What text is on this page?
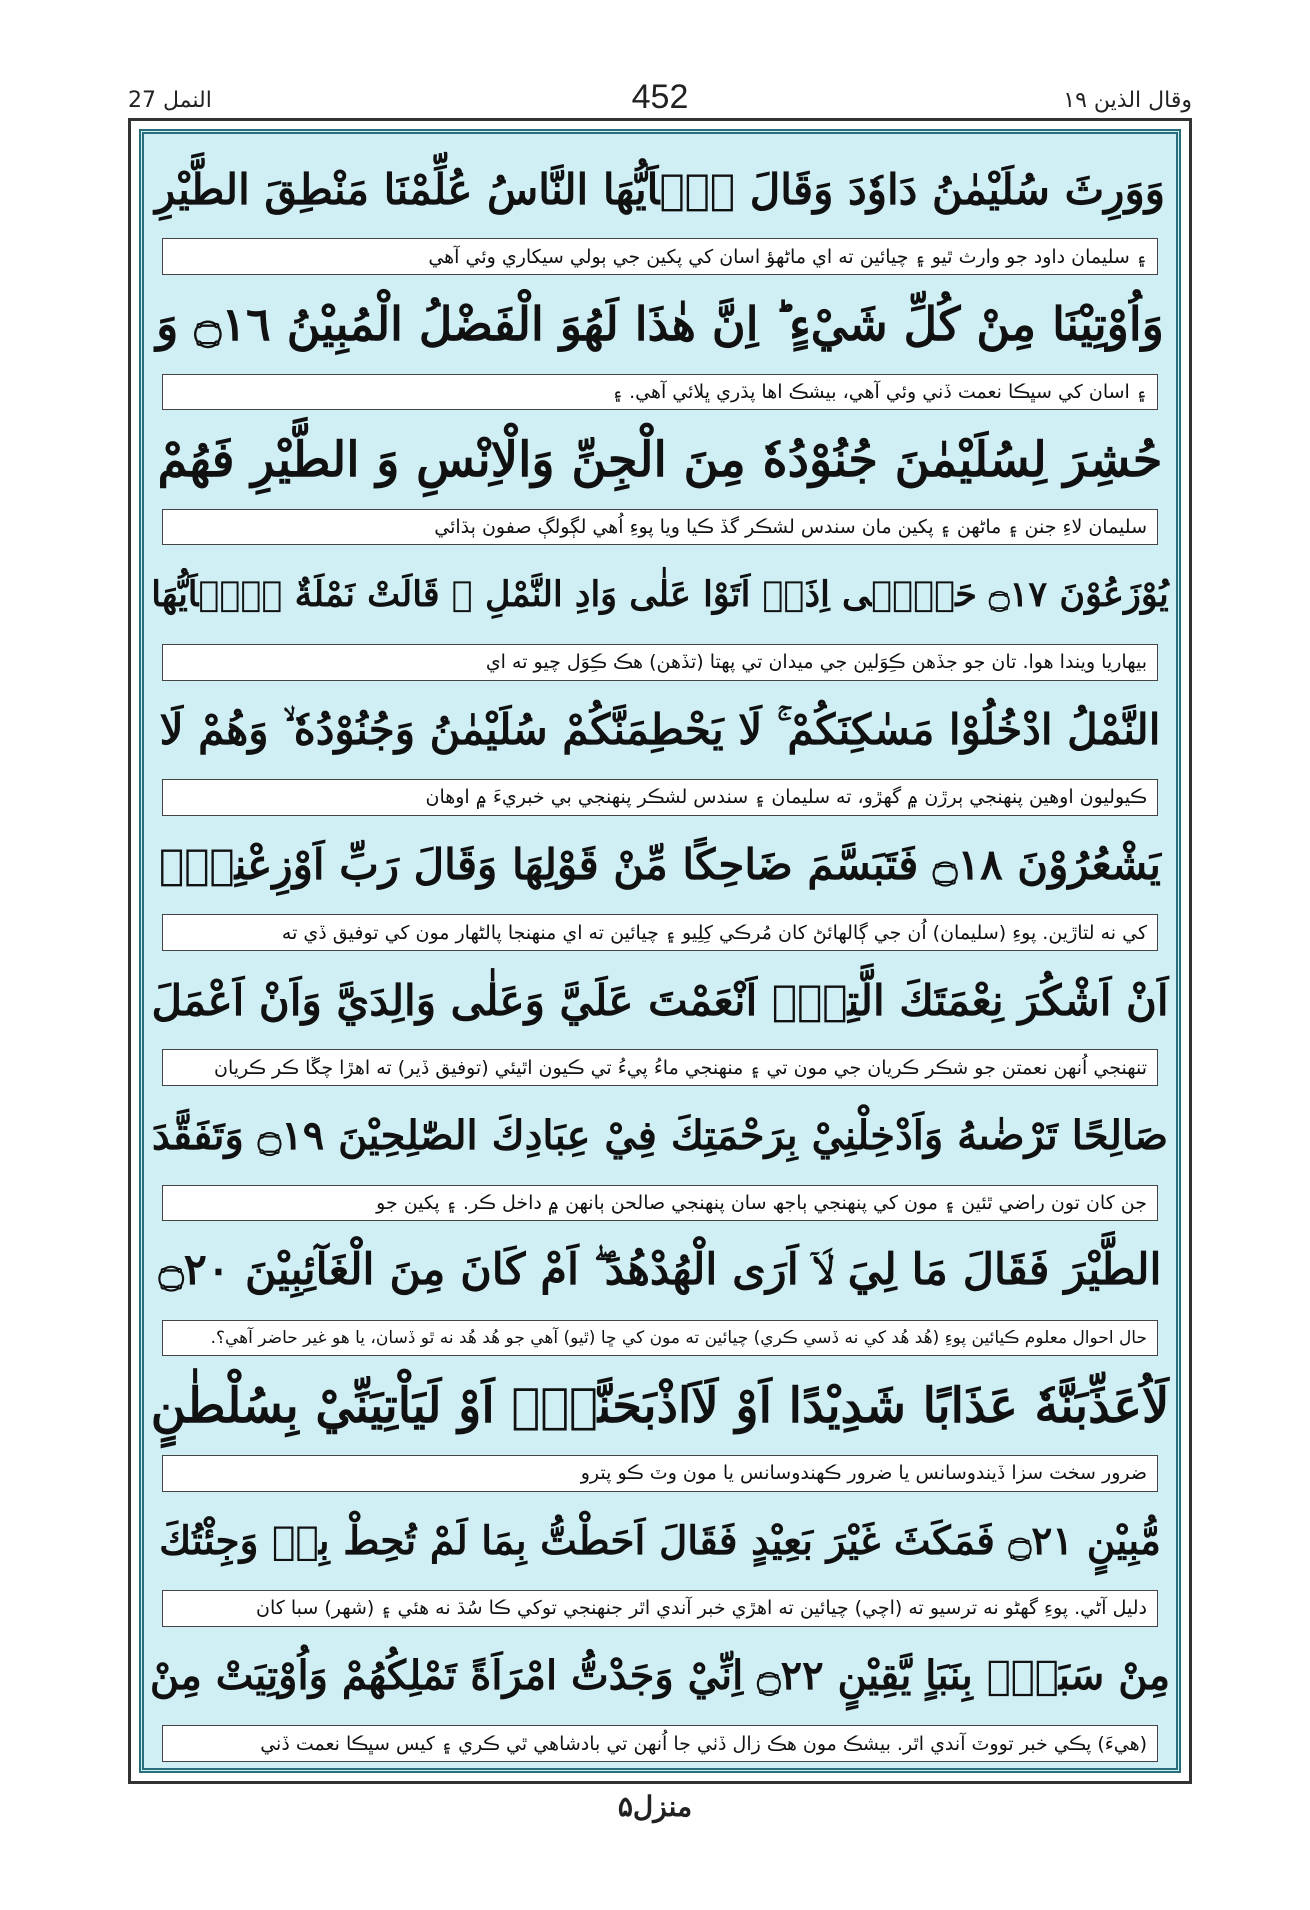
النمل 27	452	وقال الذين ١٩
وَوَرِثَ سُلَيْمٰنُ دَاوٗدَ وَقَالَ يٰۤاَيُّهَا النَّاسُ عُلِّمْنَا مَنْطِقَ الطَّيْرِ
۽ سليمان داود جو وارث ٿيو ۽ چيائين ته اي ماڻهؤ اسان کي پکين جي ٻولي سيکاري وئي آهي
وَاُوْتِيْنَا مِنْ كُلِّ شَيْءٍ ؕ اِنَّ هٰذَا لَهُوَ الْفَضْلُ الْمُبِيْنُ ۝١٦ وَ
۽ اسان کي سڀڪا نعمت ڏني وئي آهي، بيشڪ اها پڌري ڀلائي آهي. ۽
حُشِرَ لِسُلَيْمٰنَ جُنُوْدُهٗ مِنَ الْجِنِّ وَالْاِنْسِ وَ الطَّيْرِ فَهُمْ
سليمان لاءِ جنن ۽ ماڻهن ۽ پکين مان سندس لشڪر گڏ ڪيا ويا پوءِ اُهي لڳولڳ صفون ٻڌائي
يُوْزَعُوْنَ ۝١٧ حَتّٰۤى اِذَاۤ اَتَوْا عَلٰى وَادِ النَّمْلِ ۙ قَالَتْ نَمْلَةٌ يّٰۤاَيُّهَا
بيهاريا ويندا هوا. تان جو جڏهن ڪِوَلين جي ميدان تي پهتا (تڏهن) هڪ ڪِوَل چيو ته اي
النَّمْلُ ادْخُلُوْا مَسٰكِنَكُمْ ۚ لَا يَحْطِمَنَّكُمْ سُلَيْمٰنُ وَجُنُوْدُهٗ ۙ وَهُمْ لَا
ڪيوليون اوهين پنهنجي ٻرڙن ۾ گهڙو، ته سليمان ۽ سندس لشڪر پنهنجي بي خبريءَ ۾ اوهان
يَشْعُرُوْنَ ۝١٨ فَتَبَسَّمَ ضَاحِكًا مِّنْ قَوْلِهَا وَقَالَ رَبِّ اَوْزِعْنِيْۤ
کي نه لتاڙين. پوءِ (سليمان) اُن جي ڳالهائڻ کان مُرڪي کِلِيو ۽ چيائين ته اي منهنجا پالڻهار مون کي توفيق ڏي ته
اَنْ اَشْكُرَ نِعْمَتَكَ الَّتِيْۤ اَنْعَمْتَ عَلَيَّ وَعَلٰى وَالِدَيَّ وَاَنْ اَعْمَلَ
تنهنجي اُنهن نعمتن جو شڪر ڪريان جي مون تي ۽ منهنجي ماءُ پيءُ تي ڪيون اٿيئي (توفيق ڏير) ته اهڙا چڱا ڪر ڪريان
صَالِحًا تَرْضٰىهُ وَاَدْخِلْنِيْ بِرَحْمَتِكَ فِيْ عِبَادِكَ الصّٰلِحِيْنَ ۝١٩ وَتَفَقَّدَ
جن کان تون راضي ٿئين ۽ مون کي پنهنجي ٻاجھ سان پنهنجي صالحن ٻانهن ۾ داخل ڪر. ۽ پکين جو
الطَّيْرَ فَقَالَ مَا لِيَ لَاۤ اَرَى الْهُدْهُدَ ۖ اَمْ كَانَ مِنَ الْغَآئِبِيْنَ ۝٢٠
حال احوال معلوم ڪيائين پوءِ (هُد هُد کي نه ڏسي ڪري) چيائين ته مون کي ڇا (ٿيو) آهي جو هُد هُد نه ٿو ڏسان، يا هو غير حاضر آهي؟.
لَاُعَذِّبَنَّهٗ عَذَابًا شَدِيْدًا اَوْ لَاَاذْبَحَنَّهٗۤ اَوْ لَيَاْتِيَنِّيْ بِسُلْطٰنٍ
ضرور سخت سزا ڏيندوسانس يا ضرور ڪهندوسانس يا مون وٽ ڪو پترو
مُّبِيْنٍ ۝٢١ فَمَكَثَ غَيْرَ بَعِيْدٍ فَقَالَ اَحَطْتُّ بِمَا لَمْ تُحِطْ بِهٖ وَجِئْتُكَ
دليل آڻي. پوءِ گهڻو نه ترسيو ته (اچي) چيائين ته اهڙي خبر آندي اٿر جنهنجي توکي ڪا سُڌ نه هئي ۽ (شهر) سبا کان
مِنْ سَبَاٍۭ بِنَبَاٍ يَّقِيْنٍ ۝٢٢ اِنِّيْ وَجَدْتُّ امْرَاَةً تَمْلِكُهُمْ وَاُوْتِيَتْ مِنْ
(هيءَ) پڪي خبر تووٽ آندي اٿر. بيشڪ مون هڪ زال ڏٺي جا اُنهن تي بادشاهي ٿي ڪري ۽ کيس سڀڪا نعمت ڏني
منزل۵
